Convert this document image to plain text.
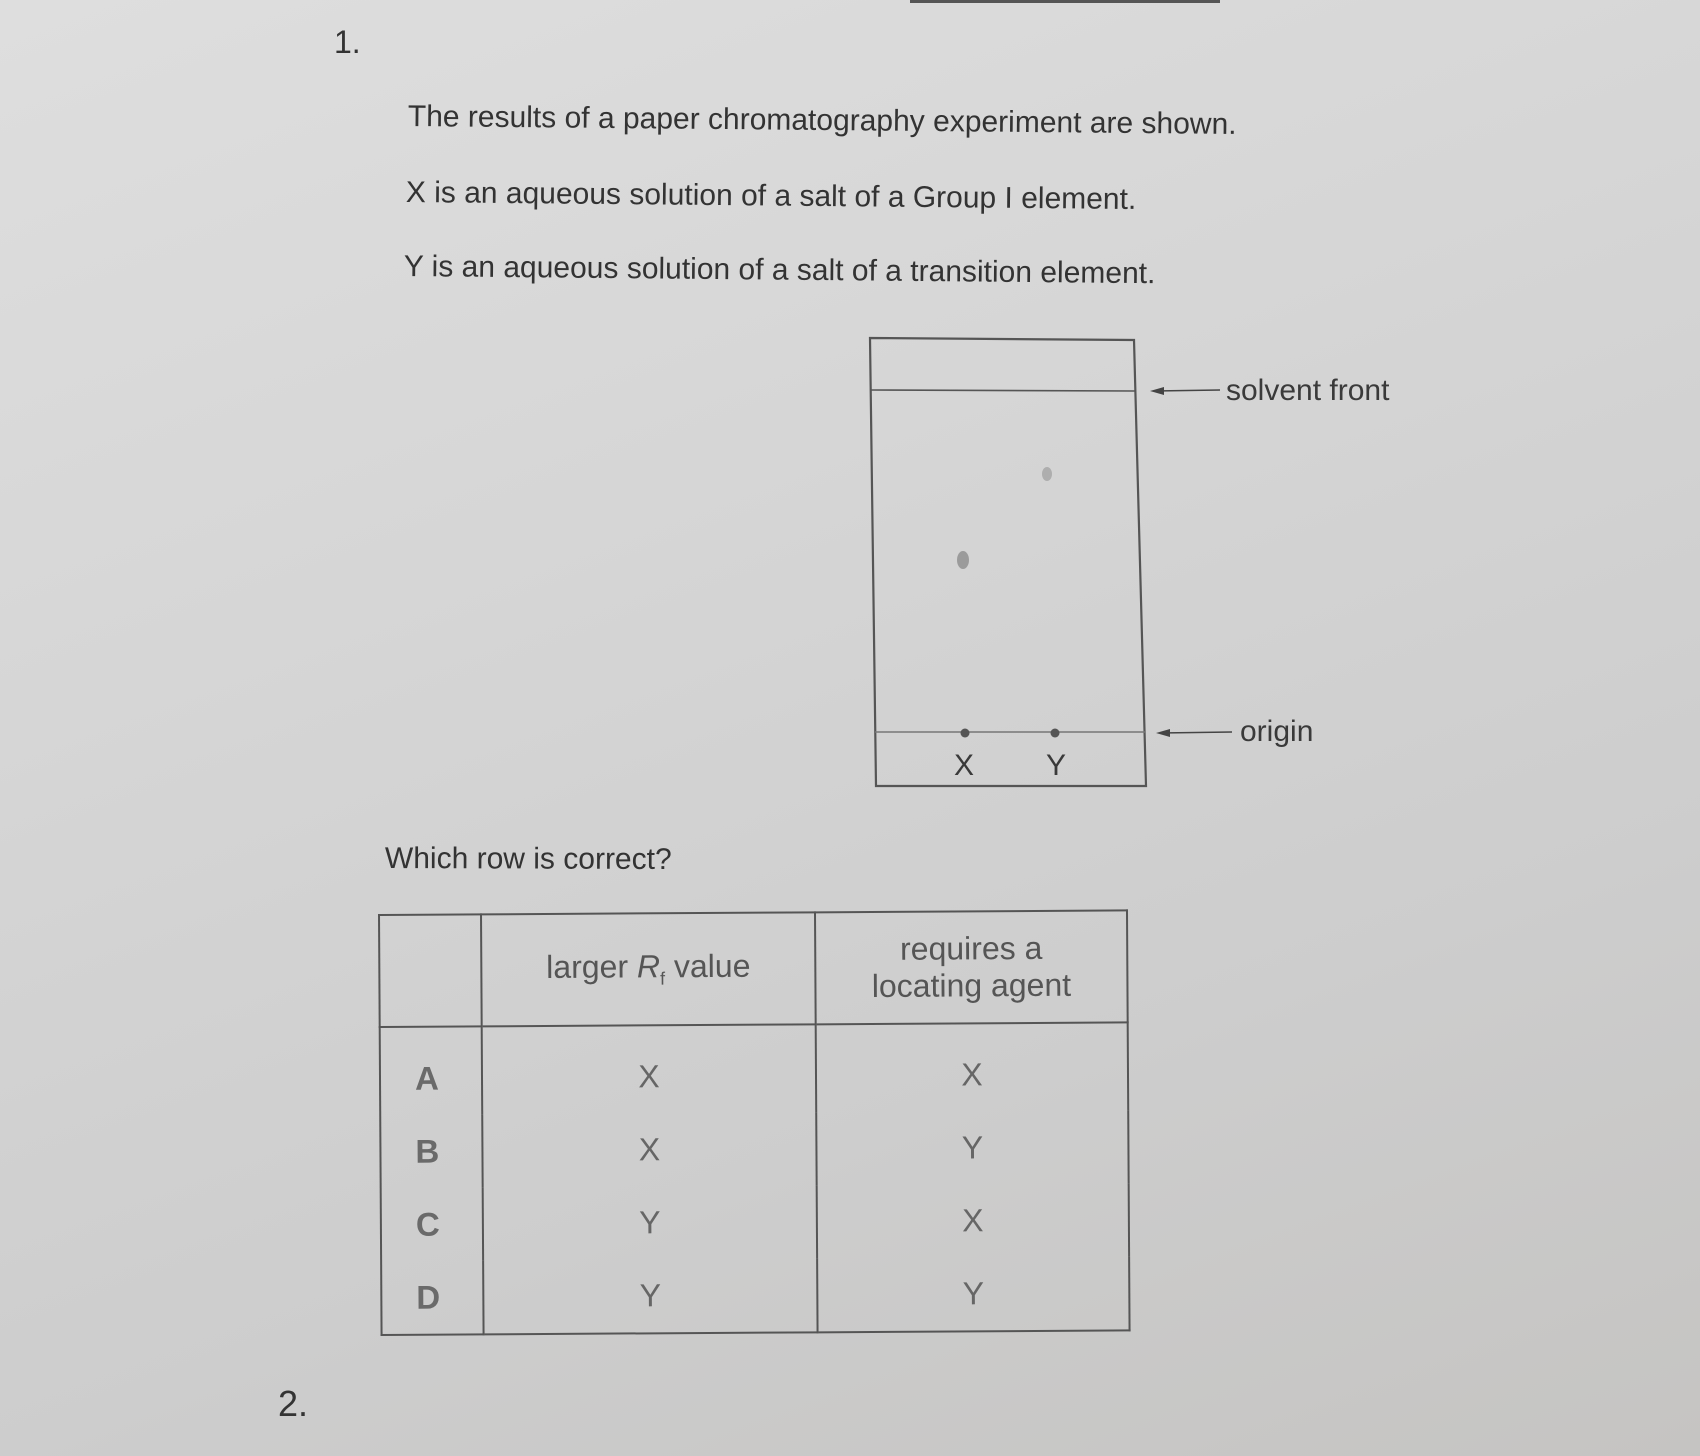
1.
The results of a paper chromatography experiment are shown.
X is an aqueous solution of a salt of a Group I element.
Y is an aqueous solution of a salt of a transition element.
X Y
solvent front
origin
Which row is correct?
	larger $R_f$ value	requires a
locating agent

A	X	X
B	X	Y
C	Y	X
D	Y	Y
2.
